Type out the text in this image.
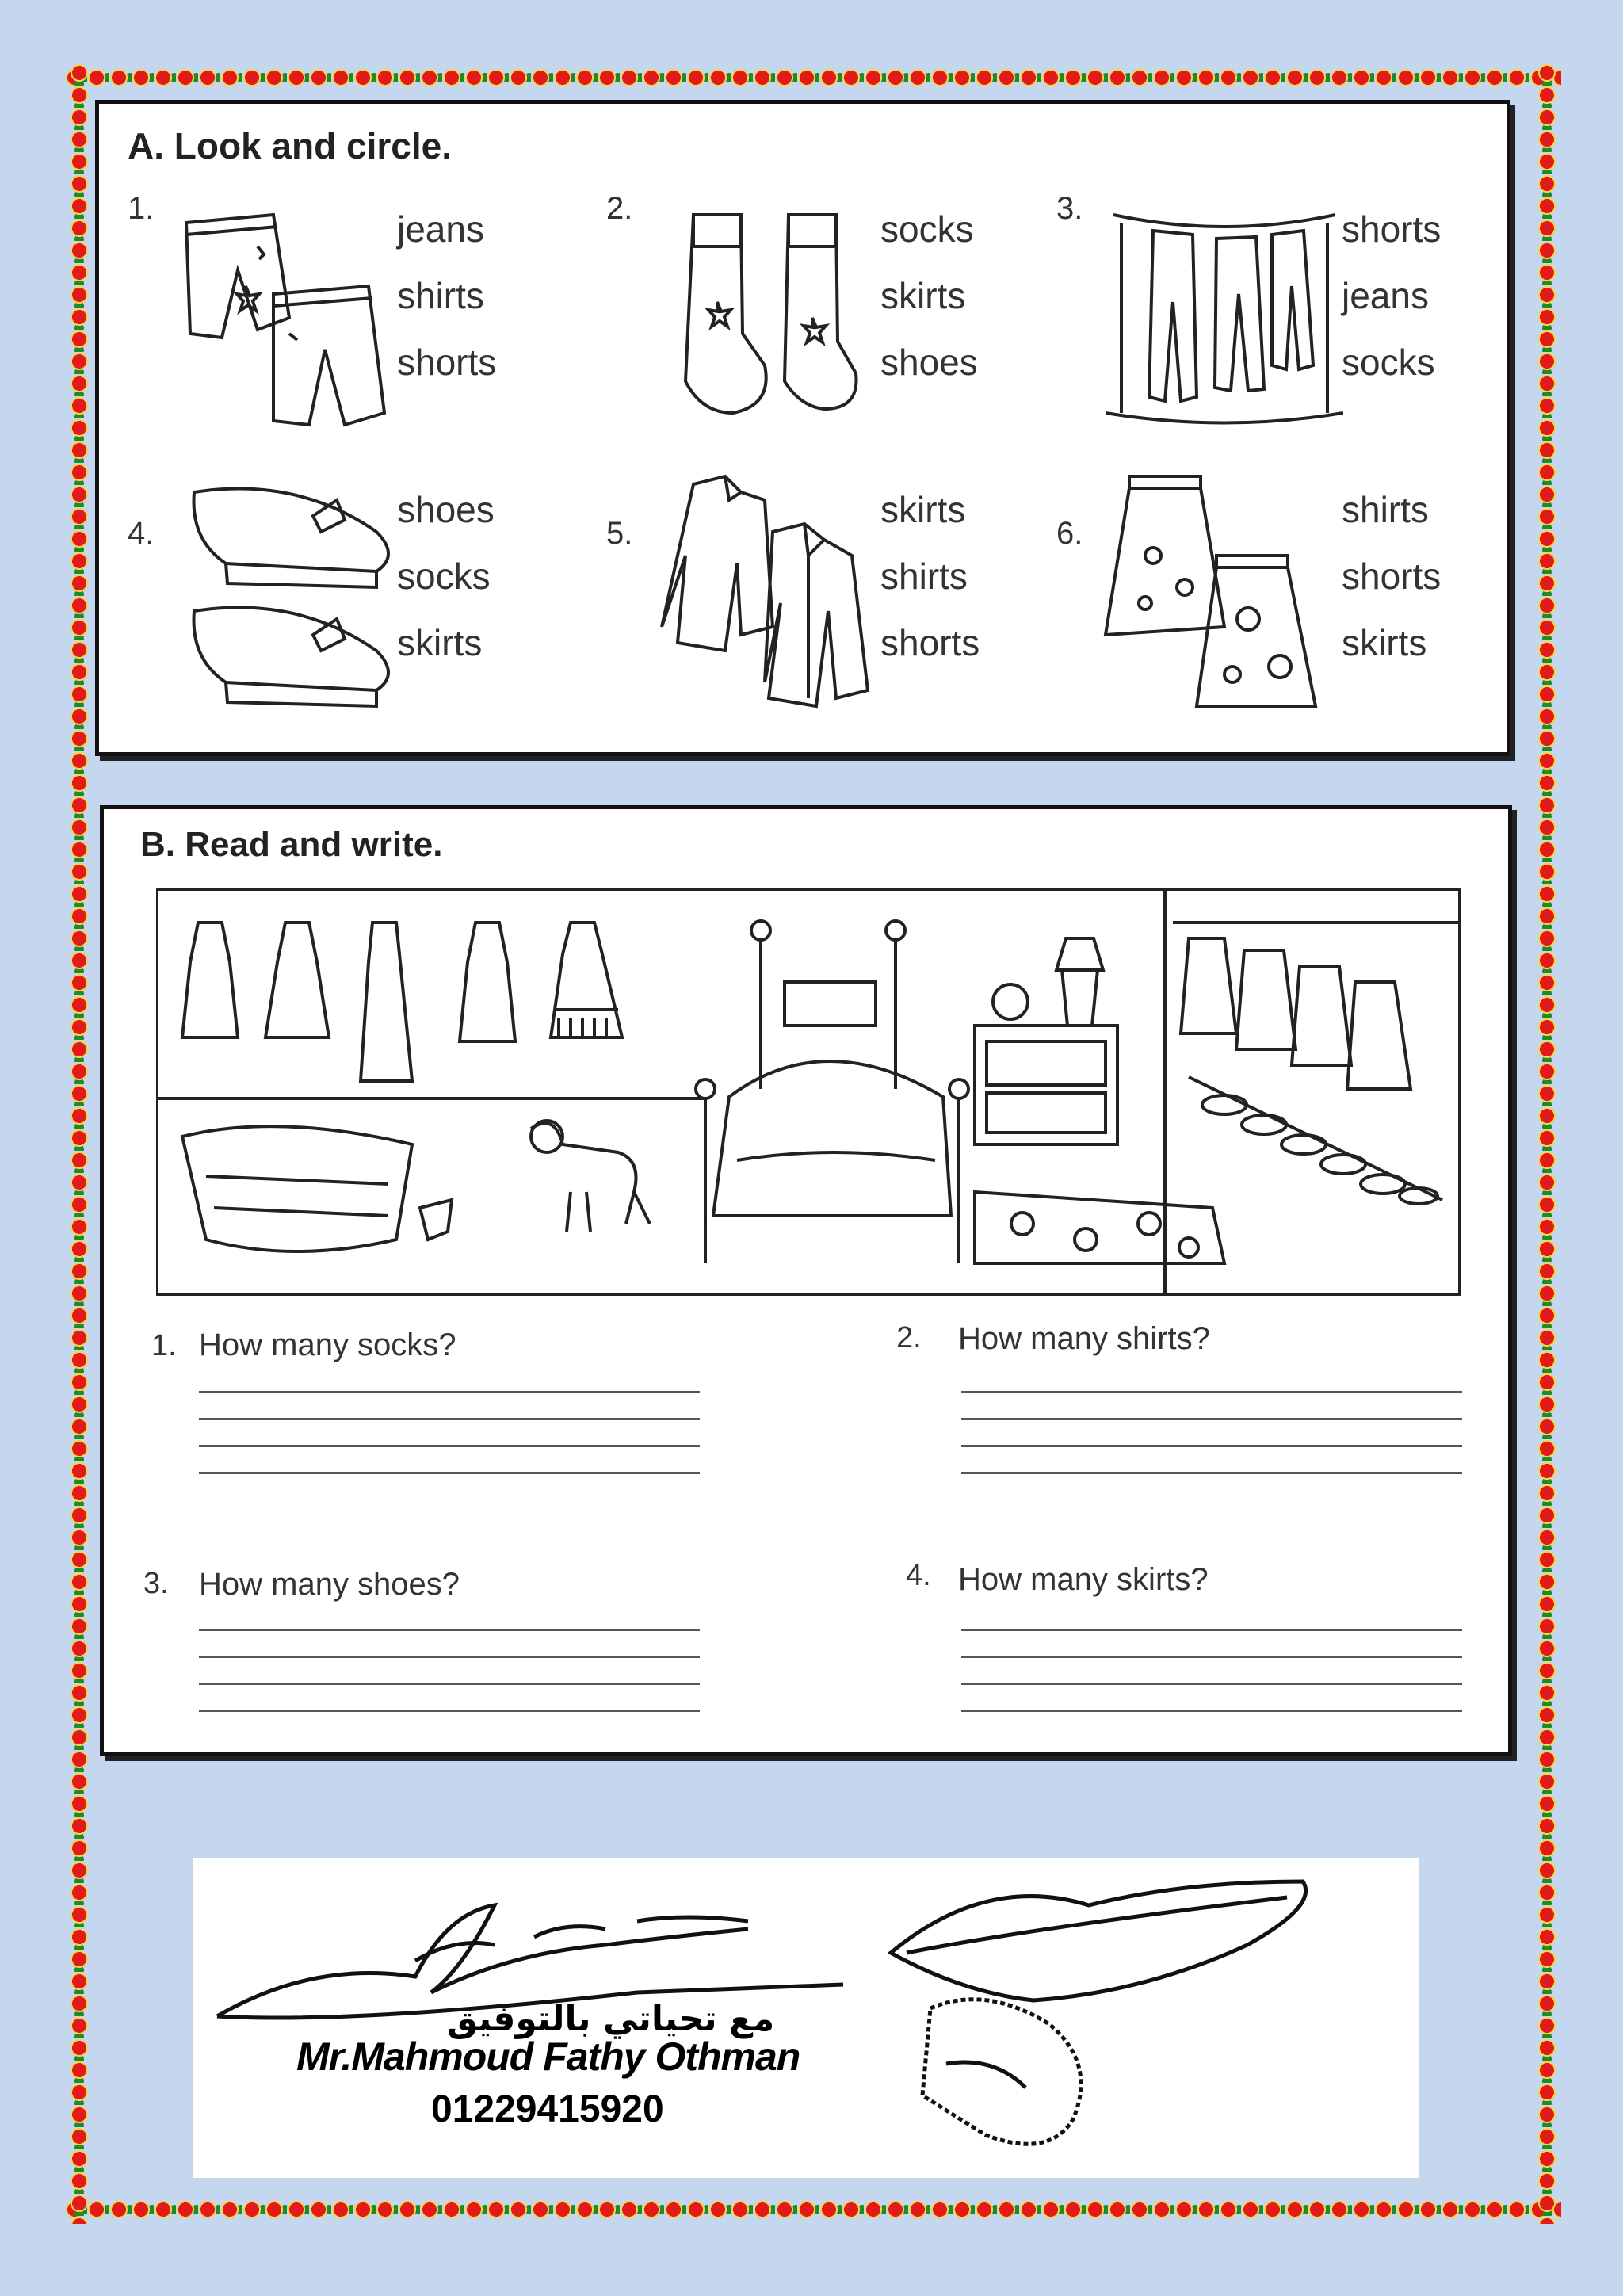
A. Look and circle.
1.	jeans
shirts
shorts
2.	socks
skirts
shoes
3.	shorts
jeans
socks
4.
shoes
socks
skirts
5.
skirts
shirts
shorts
6.
shirts
shorts
skirts
B. Read and write.
1. How many socks?	2. How many shirts?
3. How many shoes?	4. How many skirts?
مع تحياتي بالتوفيق
Mr.Mahmoud Fathy Othman
01229415920
